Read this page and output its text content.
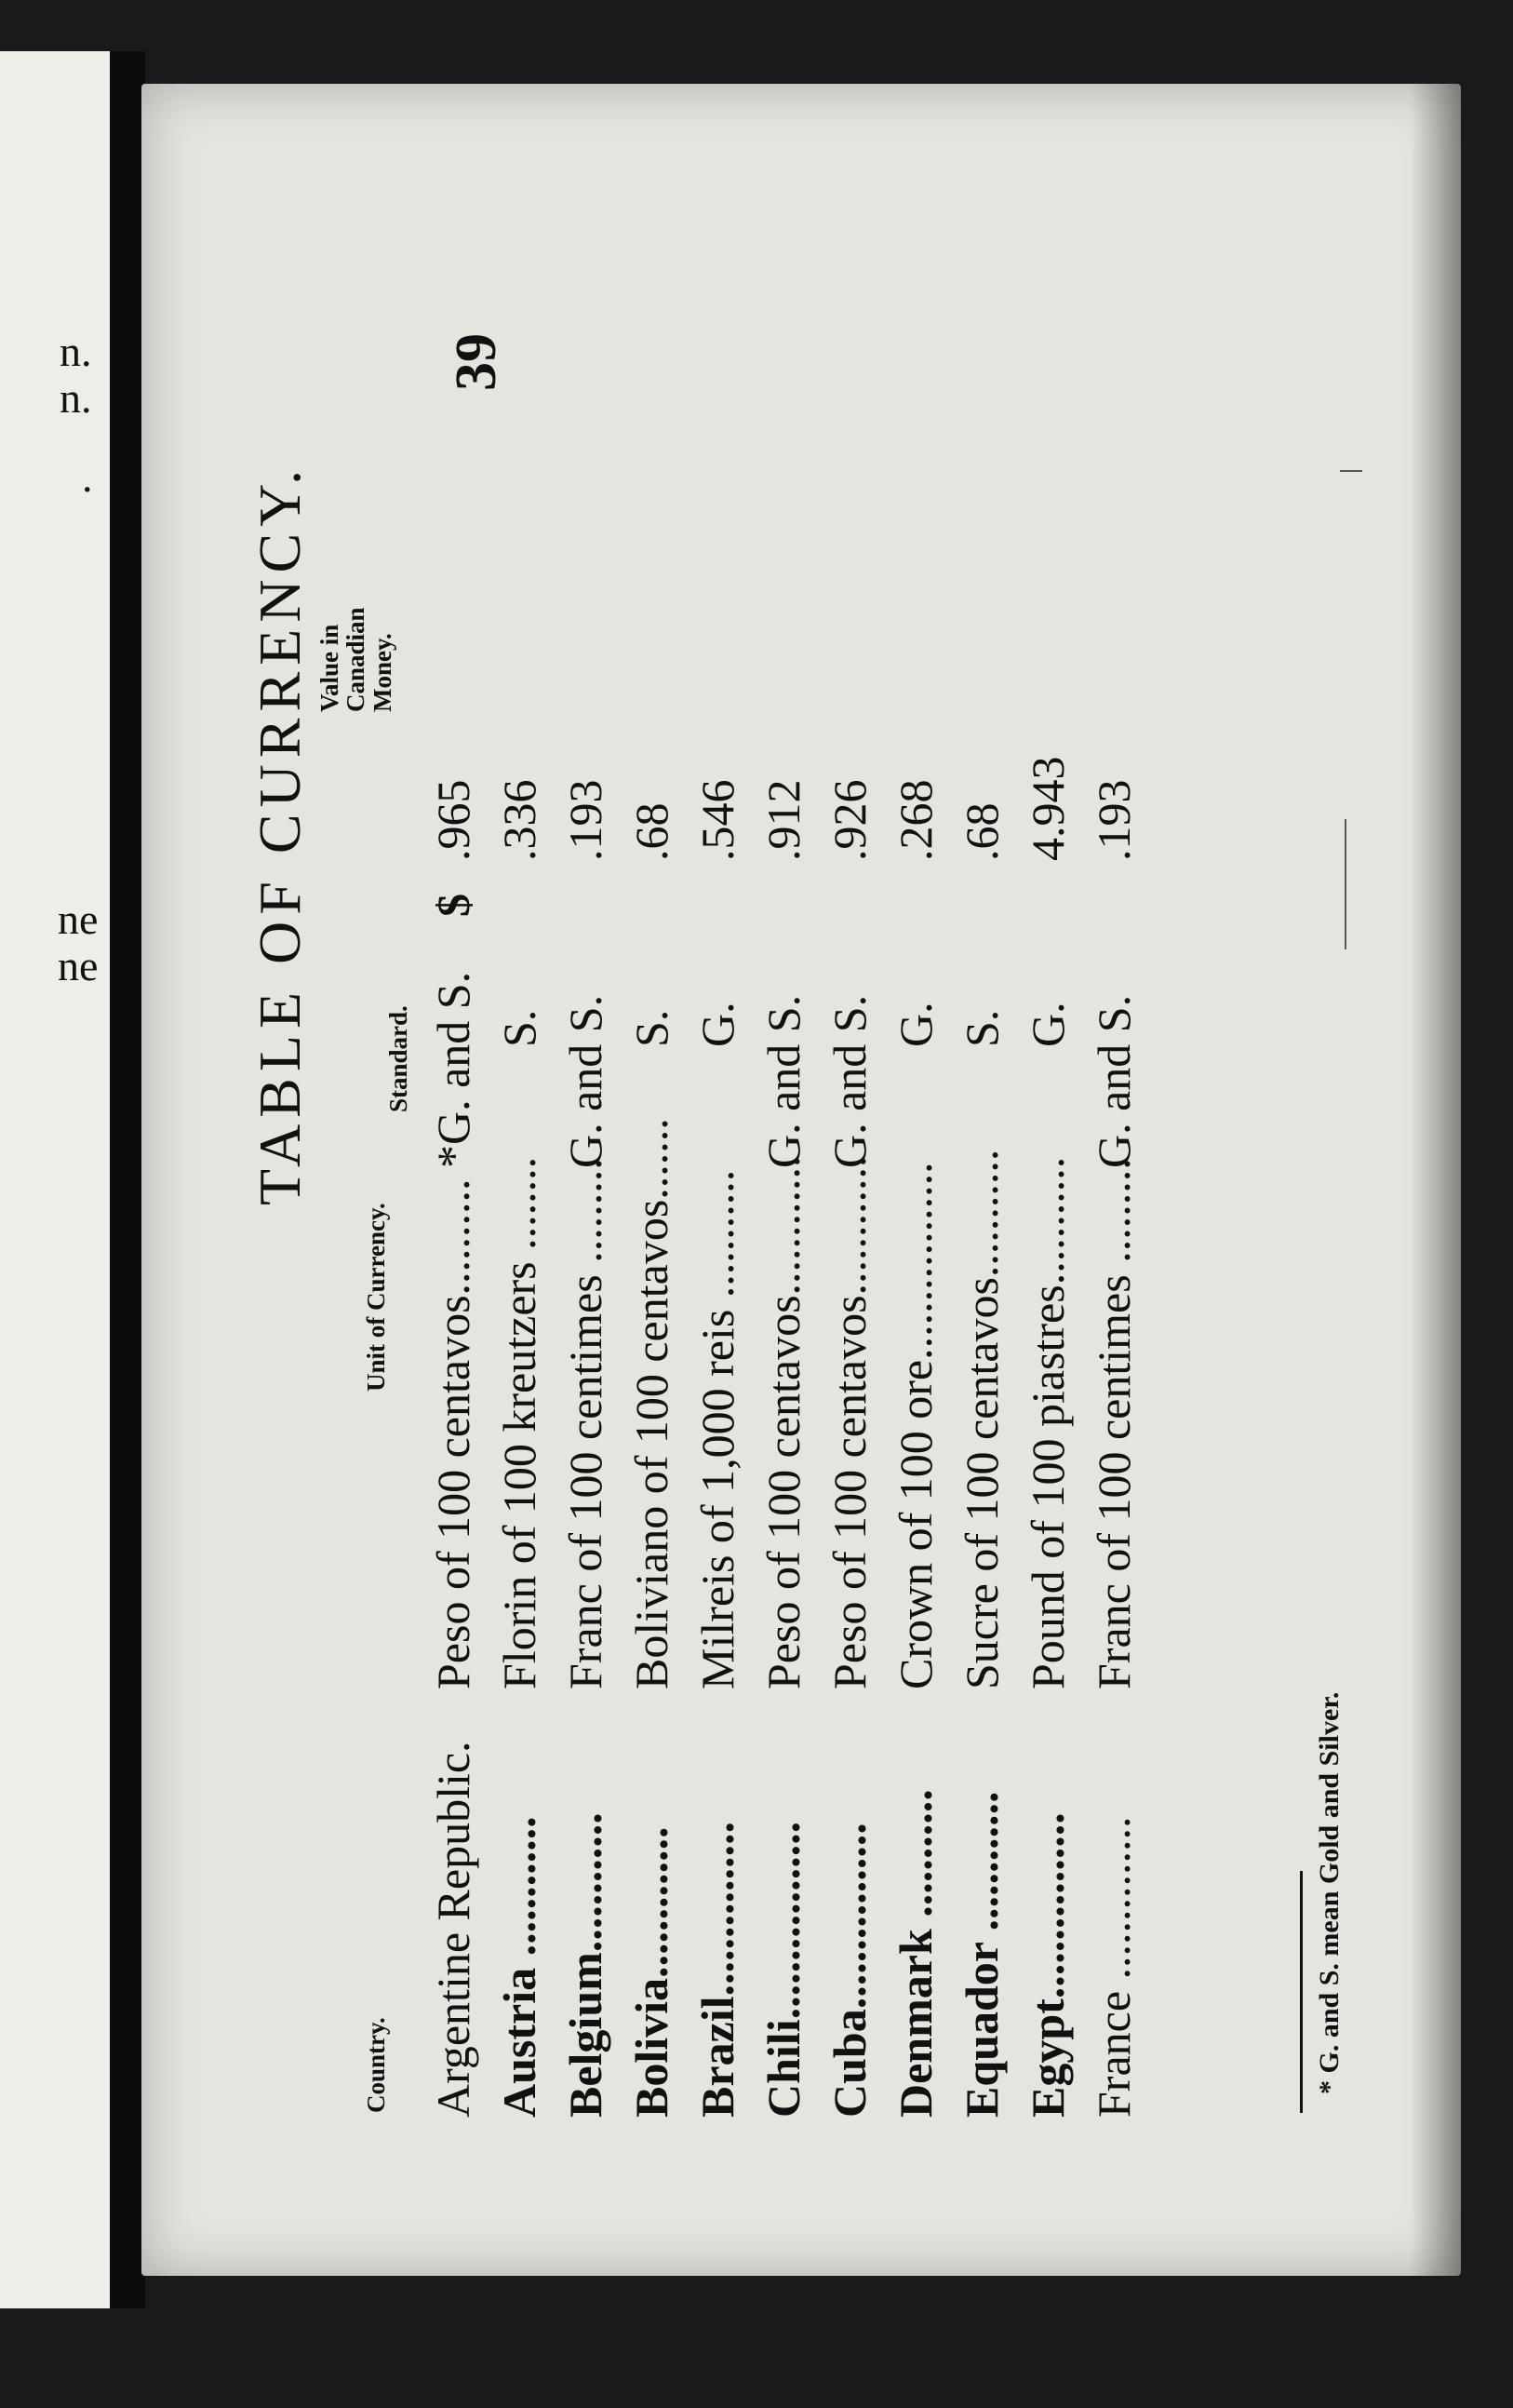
n.
n.
.
ne
ne
39
TABLE OF CURRENCY.
Country.
Unit of Currency.
Standard.
Value in
Canadian
Money.
Argentine Republic.
Peso of 100 centavos..........
*G. and S.
$
.965
Austria ............
Florin of 100 kreutzers ........
S.
.336
Belgium............
Franc of 100 centimes .........
G. and S.
.193
Bolivia.............
Boliviano of 100 centavos.......
S.
.68
Brazil...............
Milreis of 1,000 reis ...........
G.
.546
Chili.................
Peso of 100 centavos............
G. and S.
.912
Cuba................
Peso of 100 centavos............
G. and S.
.926
Denmark ...........
Crown of 100 ore.................
G.
.268
Equador ............
Sucre of 100 centavos...........
S.
.68
Egypt................
Pound of 100 piastres...........
G.
4.943
France ..............
Franc of 100 centimes .........
G. and S.
.193
* G. and S. mean Gold and Silver.
